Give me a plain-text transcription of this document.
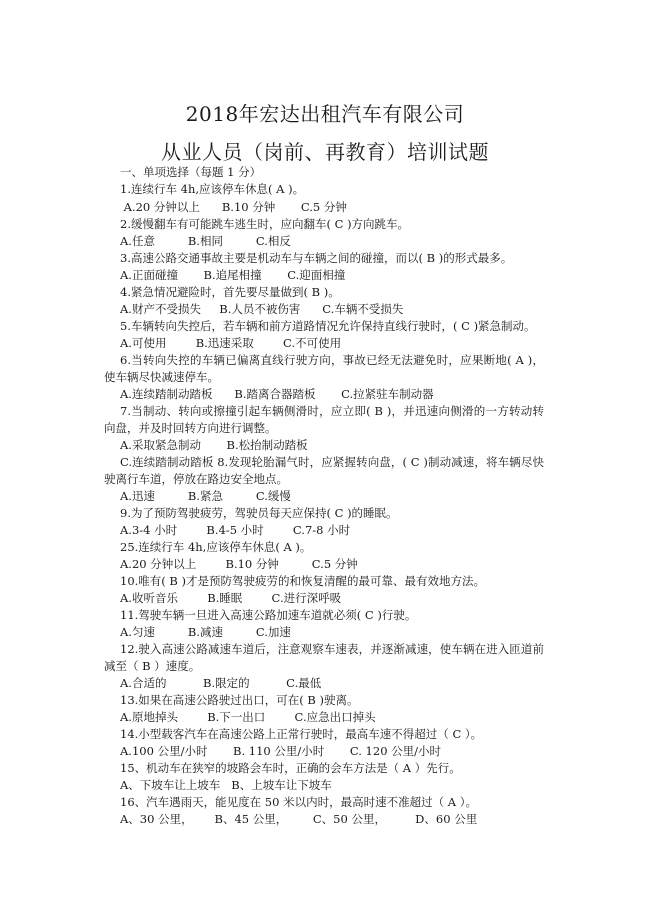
2018年宏达出租汽车有限公司
从业人员（岗前、再教育）培训试题
一、单项选择（每题 1 分）
1.连续行车 4h,应该停车休息( A )。
A.20 分钟以上      B.10 分钟       C.5 分钟
2.缓慢翻车有可能跳车逃生时，应向翻车( C )方向跳车。
A.任意         B.相同         C.相反
3.高速公路交通事故主要是机动车与车辆之间的碰撞，而以( B )的形式最多。
A.正面碰撞       B.追尾相撞       C.迎面相撞
4.紧急情况避险时，首先要尽量做到( B )。
A.财产不受损失     B.人员不被伤害      C.车辆不受损失
5.车辆转向失控后，若车辆和前方道路情况允许保持直线行驶时，( C )紧急制动。
A.可使用        B.迅速采取        C.不可使用
6.当转向失控的车辆已偏离直线行驶方向，事故已经无法避免时，应果断地( A )，使车辆尽快减速停车。
A.连续踏制动踏板      B.踏离合器踏板       C.拉紧驻车制动器
7.当制动、转向或擦撞引起车辆侧滑时，应立即( B )，并迅速向侧滑的一方转动转向盘，并及时回转方向进行调整。
A.采取紧急制动       B.松抬制动踏板
C.连续踏制动踏板 8.发现轮胎漏气时，应紧握转向盘，( C )制动减速，将车辆尽快驶离行车道，停放在路边安全地点。
A.迅速         B.紧急         C.缓慢
9.为了预防驾驶疲劳，驾驶员每天应保持( C )的睡眠。
A.3-4 小时        B.4-5 小时        C.7-8 小时
25.连续行车 4h,应该停车休息( A )。
A.20 分钟以上        B.10 分钟         C.5 分钟
10.唯有( B )才是预防驾驶疲劳的和恢复清醒的最可靠、最有效地方法。
A.收听音乐        B.睡眠        C.进行深呼吸
11.驾驶车辆一旦进入高速公路加速车道就必须( C )行驶。
A.匀速         B.减速         C.加速
12.驶入高速公路减速车道后，注意观察车速表，并逐渐减速，使车辆在进入匝道前减至（ B ）速度。
A.合适的          B.限定的          C.最低
13.如果在高速公路驶过出口，可在( B )驶离。
A.原地掉头        B.下一出口        C.应急出口掉头
14.小型载客汽车在高速公路上正常行驶时，最高车速不得超过（ C ）。
A.100 公里/小时       B. 110 公里/小时       C. 120 公里/小时
15、机动车在狭窄的坡路会车时，正确的会车方法是（ A ）先行。
A、下坡车让上坡车   B、上坡车让下坡车
16、汽车遇雨天，能见度在 50 米以内时，最高时速不准超过（ A ）。
A、30 公里，      B、45 公里，       C、50 公里，        D、60 公里
